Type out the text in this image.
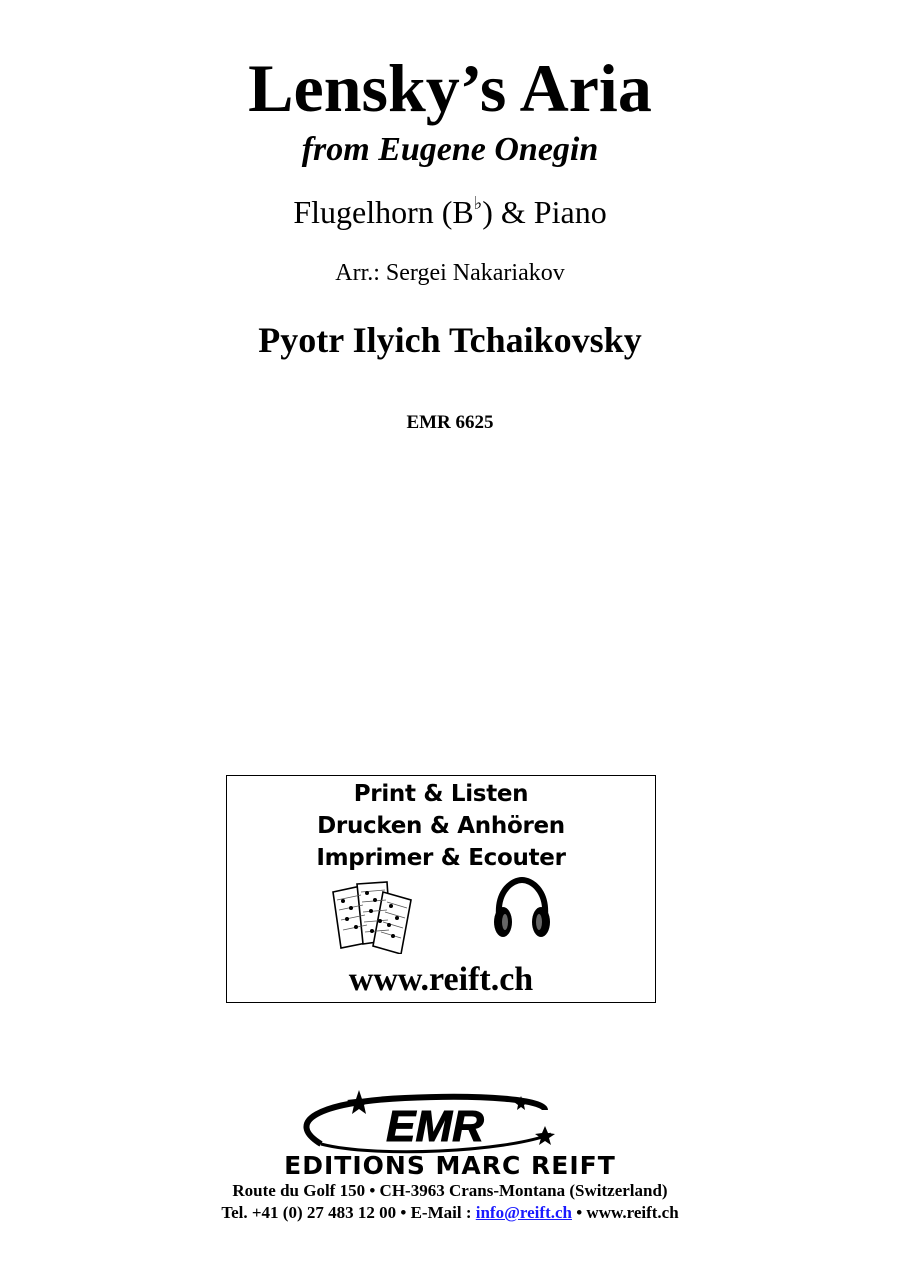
Lensky’s Aria
from Eugene Onegin
Flugelhorn (B♭) & Piano
Arr.: Sergei Nakariakov
Pyotr Ilyich Tchaikovsky
EMR 6625
Print & Listen
Drucken & Anhören
Imprimer & Ecouter
www.reift.ch
EMR
EDITIONS MARC REIFT
Route du Golf 150 • CH-3963 Crans-Montana (Switzerland)
Tel. +41 (0) 27 483 12 00 • E-Mail : info@reift.ch • www.reift.ch
